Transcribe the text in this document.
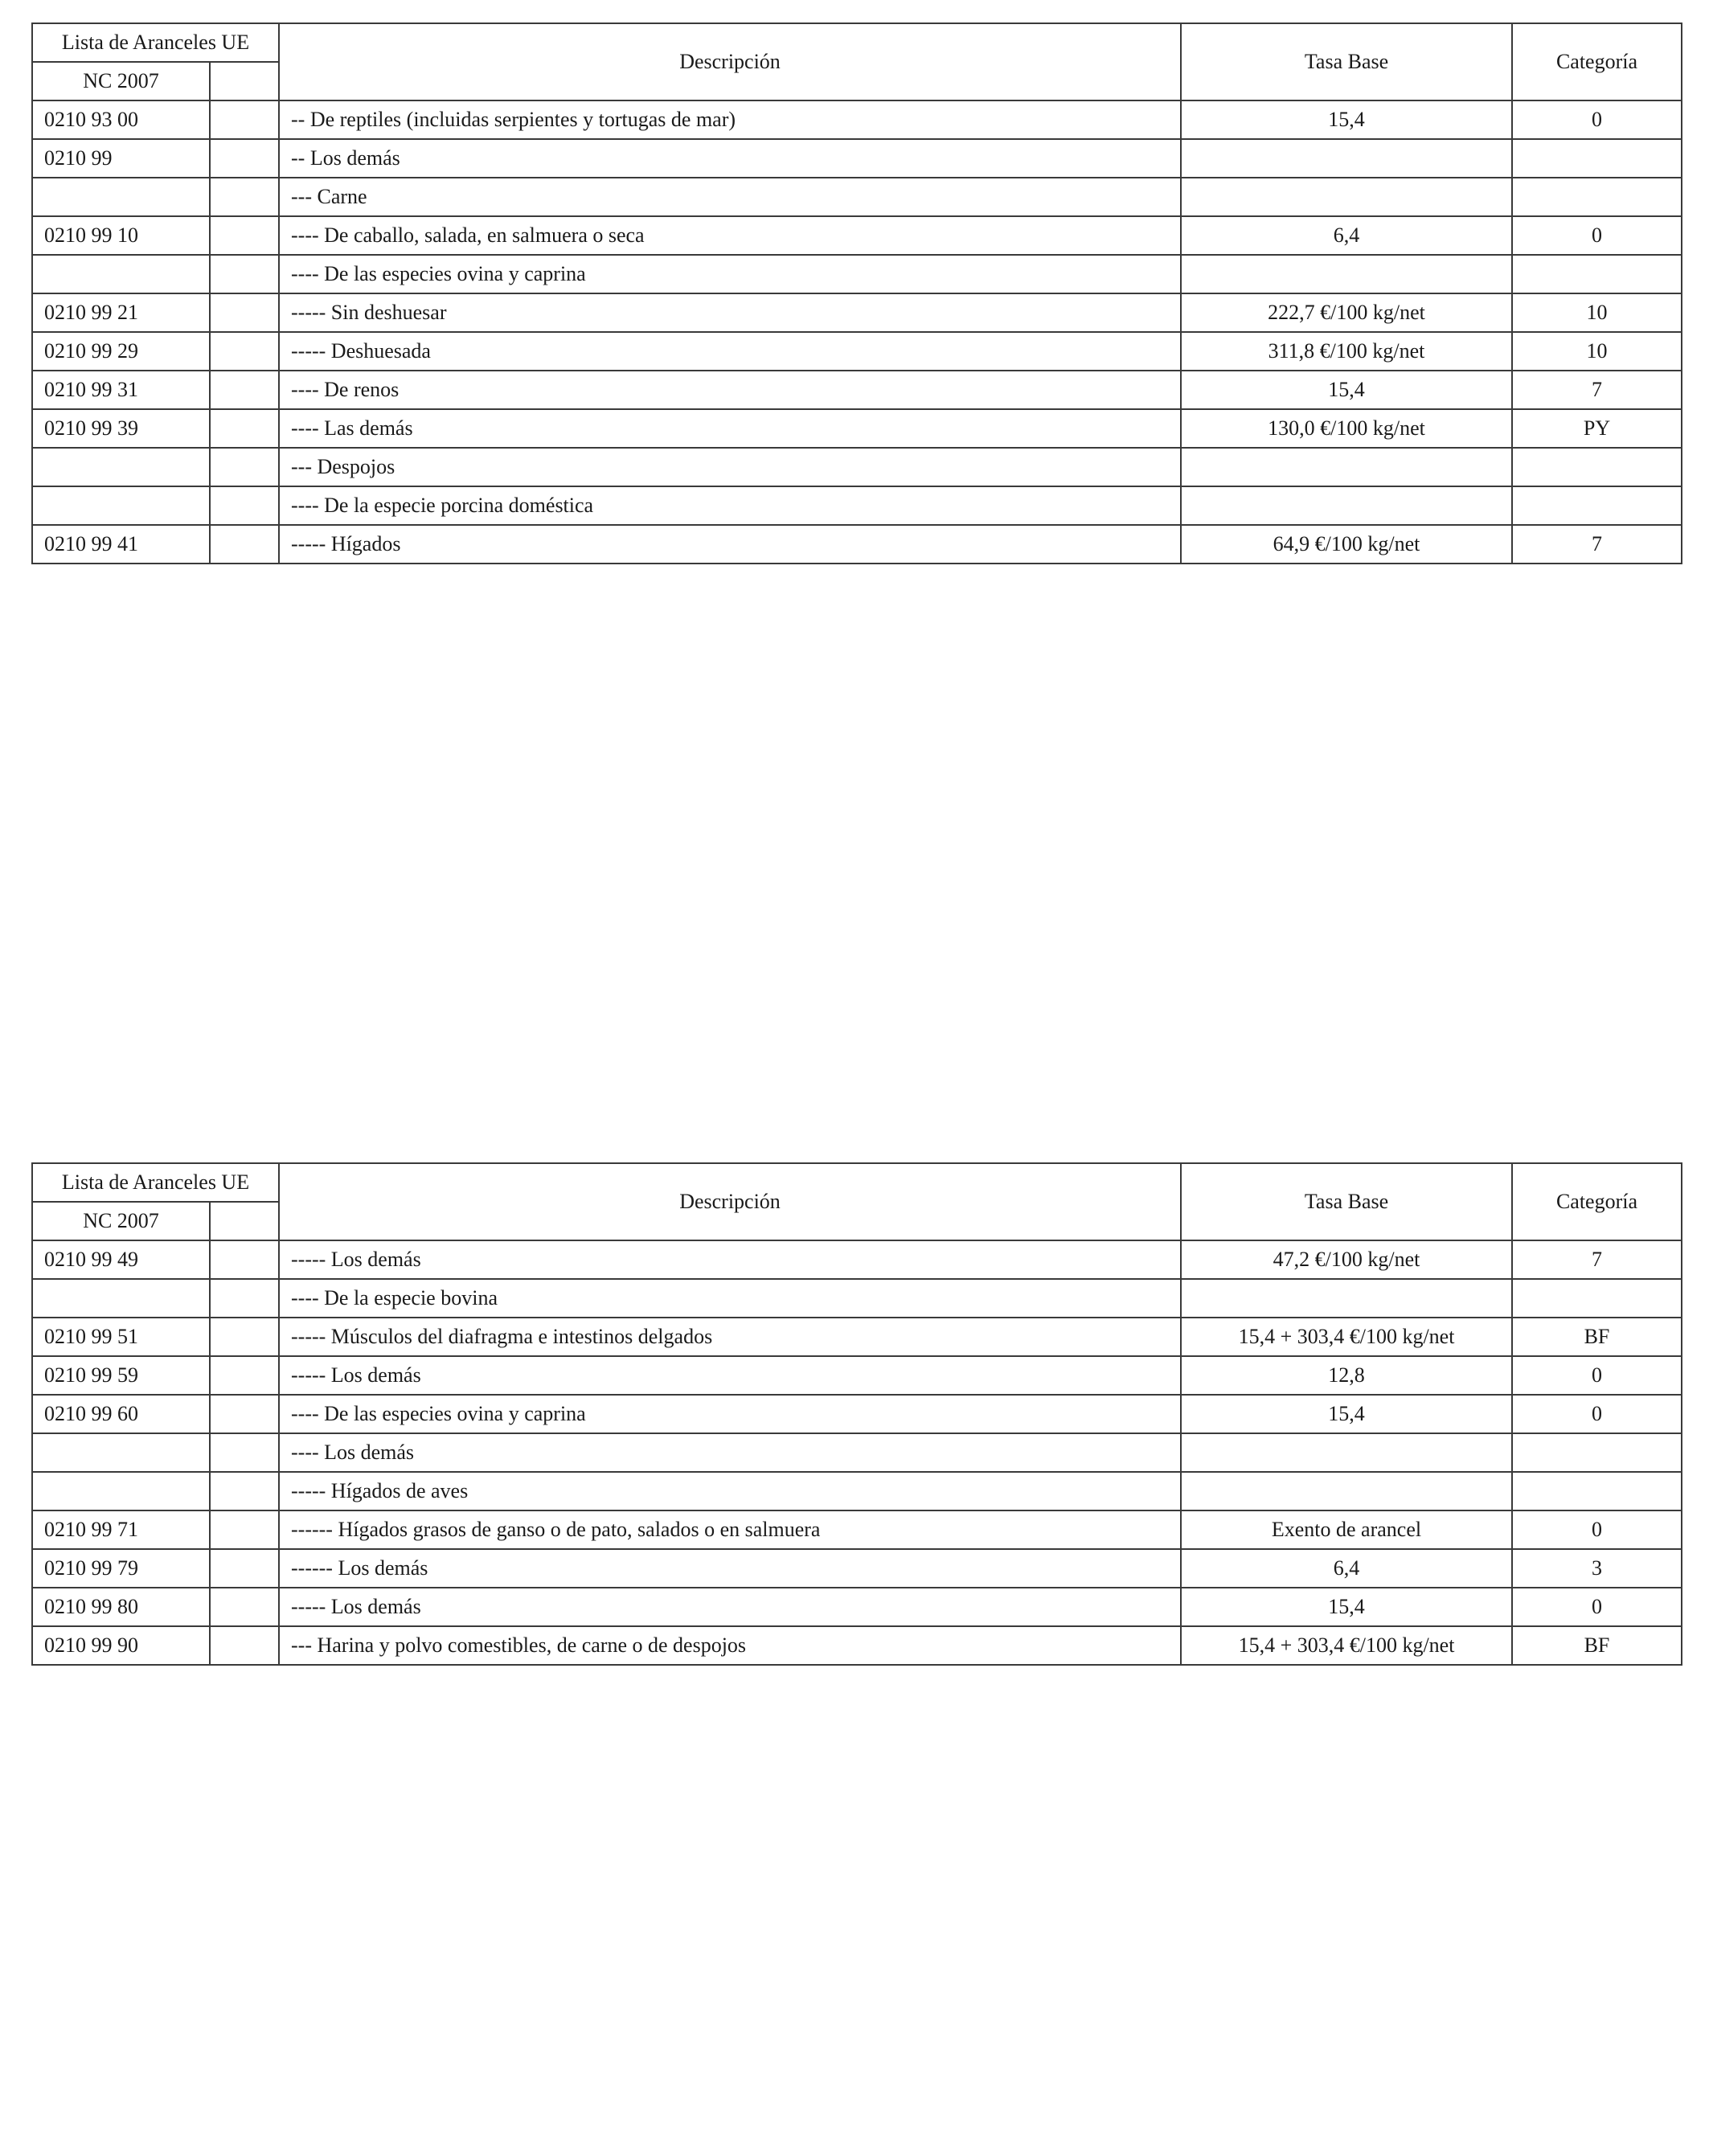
Lista de Aranceles UE		Descripción	Tasa Base	Categoría
NC 2007				
0210 93 00		-- De reptiles (incluidas serpientes y tortugas de mar)	15,4	0
0210 99		-- Los demás		
		--- Carne		
0210 99 10		---- De caballo, salada, en salmuera o seca	6,4	0
		---- De las especies ovina y caprina		
0210 99 21		----- Sin deshuesar	222,7 €/100 kg/net	10
0210 99 29		----- Deshuesada	311,8 €/100 kg/net	10
0210 99 31		---- De renos	15,4	7
0210 99 39		---- Las demás	130,0 €/100 kg/net	PY
		--- Despojos		
		---- De la especie porcina doméstica		
0210 99 41		----- Hígados	64,9 €/100 kg/net	7
Lista de Aranceles UE		Descripción	Tasa Base	Categoría
NC 2007				
0210 99 49		----- Los demás	47,2 €/100 kg/net	7
		---- De la especie bovina		
0210 99 51		----- Músculos del diafragma e intestinos delgados	15,4 + 303,4 €/100 kg/net	BF
0210 99 59		----- Los demás	12,8	0
0210 99 60		---- De las especies ovina y caprina	15,4	0
		---- Los demás		
		----- Hígados de aves		
0210 99 71		------ Hígados grasos de ganso o de pato, salados o en salmuera	Exento de arancel	0
0210 99 79		------ Los demás	6,4	3
0210 99 80		----- Los demás	15,4	0
0210 99 90		--- Harina y polvo comestibles, de carne o de despojos	15,4 + 303,4 €/100 kg/net	BF
